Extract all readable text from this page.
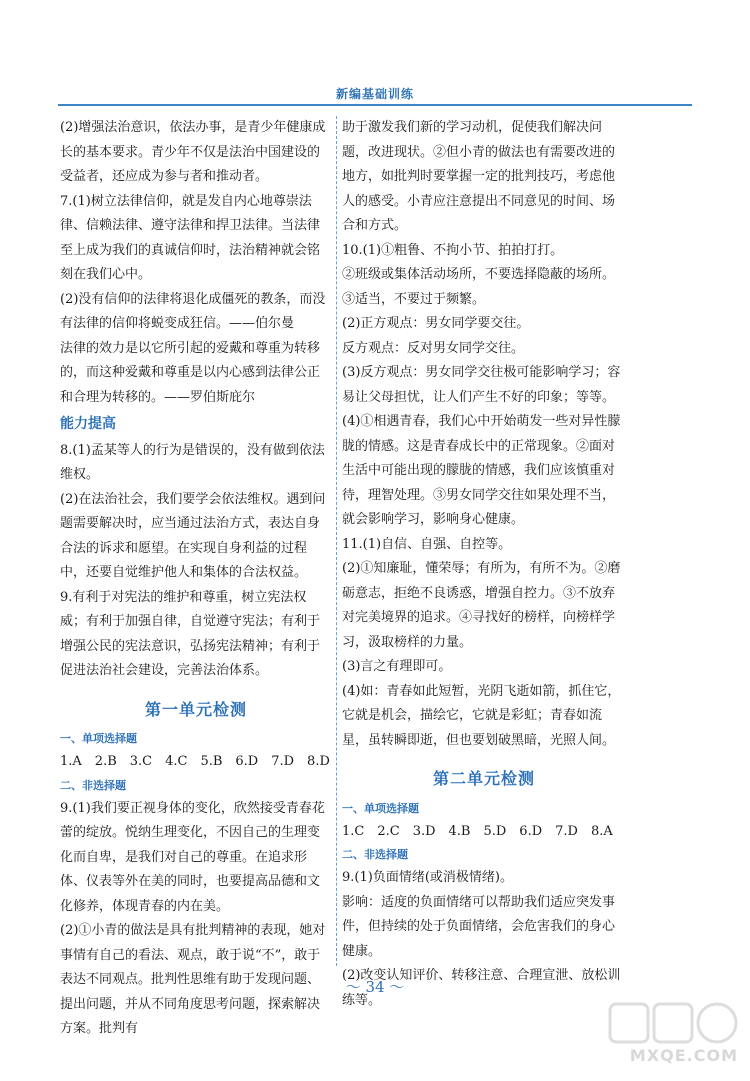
新编基础训练

(2)增强法治意识，依法办事，是青少年健康成长的基本要求。青少年不仅是法治中国建设的受益者，还应成为参与者和推动者。

7.(1)树立法律信仰，就是发自内心地尊崇法律、信赖法律、遵守法律和捍卫法律。当法律至上成为我们的真诚信仰时，法治精神就会铭刻在我们心中。

(2)没有信仰的法律将退化成僵死的教条，而没有法律的信仰将蜕变成狂信。——伯尔曼

法律的效力是以它所引起的爱戴和尊重为转移的，而这种爱戴和尊重是以内心感到法律公正和合理为转移的。——罗伯斯庇尔

能力提高

8.(1)孟某等人的行为是错误的，没有做到依法维权。

(2)在法治社会，我们要学会依法维权。遇到问题需要解决时，应当通过法治方式，表达自身合法的诉求和愿望。在实现自身利益的过程中，还要自觉维护他人和集体的合法权益。

9.有利于对宪法的维护和尊重，树立宪法权威；有利于加强自律，自觉遵守宪法；有利于增强公民的宪法意识，弘扬宪法精神；有利于促进法治社会建设，完善法治体系。

第一单元检测
一、单项选择题

1.A　2.B　3.C　4.C　5.B　6.D　7.D　8.D

二、非选择题

9.(1)我们要正视身体的变化，欣然接受青春花蕾的绽放。悦纳生理变化，不因自己的生理变化而自卑，是我们对自己的尊重。在追求形体、仪表等外在美的同时，也要提高品德和文化修养，体现青春的内在美。

(2)①小青的做法是具有批判精神的表现，她对事情有自己的看法、观点，敢于说“不”，敢于表达不同观点。批判性思维有助于发现问题、提出问题，并从不同角度思考问题，探索解决方案。批判有

助于激发我们新的学习动机，促使我们解决问题，改进现状。②但小青的做法也有需要改进的地方，如批判时要掌握一定的批判技巧，考虑他人的感受。小青应注意提出不同意见的时间、场合和方式。

10.(1)①粗鲁、不拘小节、拍拍打打。

②班级或集体活动场所，不要选择隐蔽的场所。

③适当，不要过于频繁。

(2)正方观点：男女同学要交往。

反方观点：反对男女同学交往。

(3)反方观点：男女同学交往极可能影响学习；容易让父母担忧，让人们产生不好的印象；等等。

(4)①相遇青春，我们心中开始萌发一些对异性朦胧的情感。这是青春成长中的正常现象。②面对生活中可能出现的朦胧的情感，我们应该慎重对待，理智处理。③男女同学交往如果处理不当，就会影响学习，影响身心健康。

11.(1)自信、自强、自控等。

(2)①知廉耻，懂荣辱；有所为，有所不为。②磨砺意志，拒绝不良诱惑，增强自控力。③不放弃对完美境界的追求。④寻找好的榜样，向榜样学习，汲取榜样的力量。

(3)言之有理即可。

(4)如：青春如此短暂，光阴飞逝如箭，抓住它，它就是机会，描绘它，它就是彩虹；青春如流星，虽转瞬即逝，但也要划破黑暗，光照人间。

第二单元检测
一、单项选择题

1.C　2.C　3.D　4.B　5.D　6.D　7.D　8.A

二、非选择题

9.(1)负面情绪(或消极情绪)。

影响：适度的负面情绪可以帮助我们适应突发事件，但持续的处于负面情绪，会危害我们的身心健康。

(2)改变认知评价、转移注意、合理宣泄、放松训练等。

～ 34 ～
MXQE.COM
